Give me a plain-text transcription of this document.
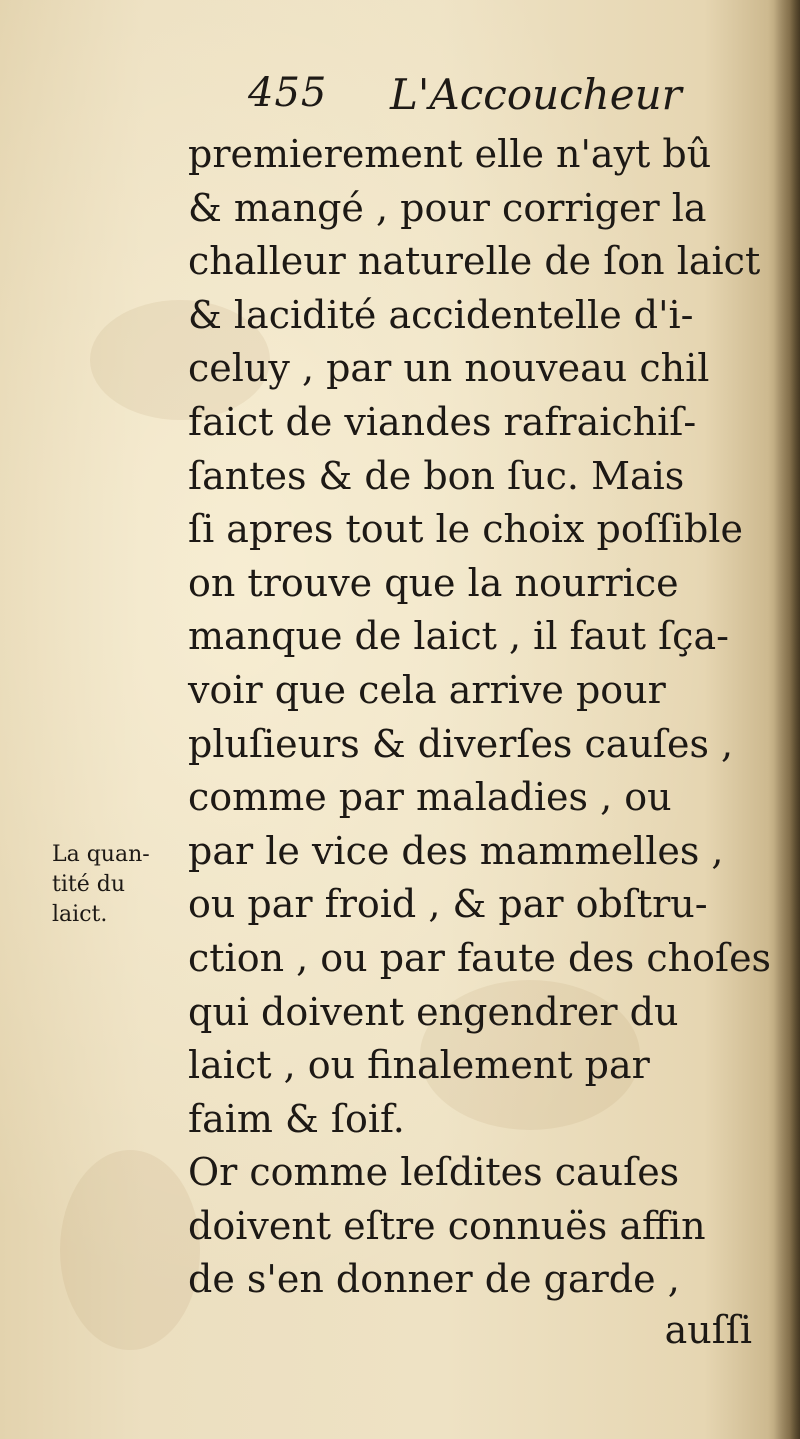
455 L'Accoucheur
premierement elle n'ayt bû
& mangé , pour corriger la
challeur naturelle de ſon laict
& lacidité accidentelle d'i-
celuy , par un nouveau chil
faict de viandes rafraichiſ-
ſantes & de bon ſuc. Mais
ſi apres tout le choix poſſible
on trouve que la nourrice
manque de laict , il faut ſça-
voir que cela arrive pour
pluſieurs & diverſes cauſes ,
comme par maladies , ou
par le vice des mammelles ,
ou par froid , & par obſtru-
ction , ou par faute des choſes
qui doivent engendrer du
laict , ou finalement par
faim & ſoif.
Or comme leſdites cauſes
doivent eſtre connuës affin
de s'en donner de garde ,
La quan-
tité du
laict.
auſſi
